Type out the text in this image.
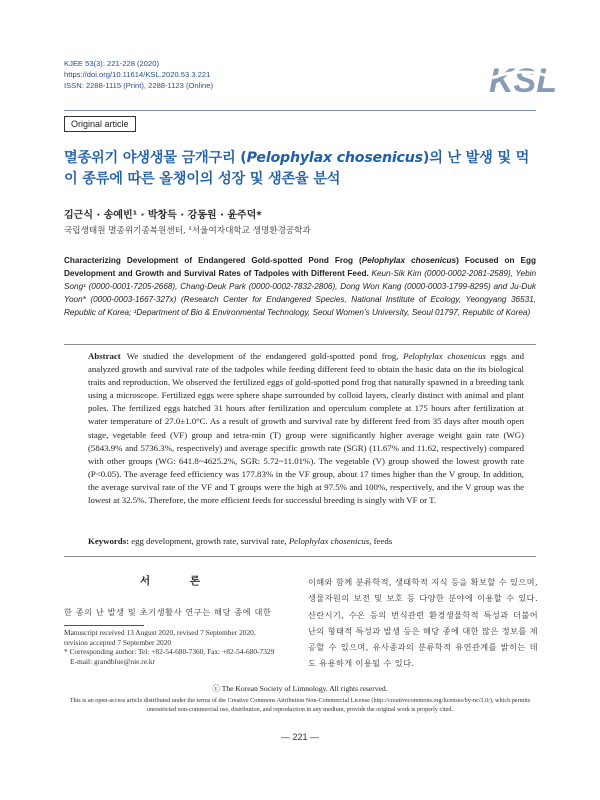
KJEE 53(3): 221-228 (2020)
https://doi.org/10.11614/KSL.2020.53.3.221
ISSN: 2288-1115 (Print), 2288-1123 (Online)	KSL
Original article
멸종위기 야생생물 금개구리 (Pelophylax chosenicus)의 난 발생 및 먹이 종류에 따른 올챙이의 성장 및 생존율 분석
김근식 · 송예빈¹ · 박창득 · 강동원 · 윤주덕*
국립생태원 멸종위기종복원센터, ¹서울여자대학교 생명환경공학과
Characterizing Development of Endangered Gold-spotted Pond Frog (Pelophylax chosenicus) Focused on Egg Development and Growth and Survival Rates of Tadpoles with Different Feed. Keun-Sik Kim (0000-0002-2081-2589), Yebin Song¹ (0000-0001-7205-2668), Chang-Deuk Park (0000-0002-7832-2806), Dong Won Kang (0000-0003-1799-8295) and Ju-Duk Yoon* (0000-0003-1667-327x) (Research Center for Endangered Species, National Institute of Ecology, Yeongyang 36531, Republic of Korea; ¹Department of Bio & Environmental Technology, Seoul Women’s University, Seoul 01797, Republic of Korea)
Abstract We studied the development of the endangered gold-spotted pond frog, Pelophylax chosenicus eggs and analyzed growth and survival rate of the tadpoles while feeding different feed to obtain the basic data on the its biological traits and reproduction. We observed the fertilized eggs of gold-spotted pond frog that naturally spawned in a breeding tank using a microscope. Fertilized eggs were sphere shape surrounded by colloid layers, clearly distinct with animal and plant poles. The fertilized eggs hatched 31 hours after fertilization and operculum complete at 175 hours after fertilization at water temperature of 27.0±1.0°C. As a result of growth and survival rate by different feed from 35 days after mouth open stage, vegetable feed (VF) group and tetra-min (T) group were significantly higher average weight gain rate (WG) (5843.9% and 5736.3%, respectively) and average specific growth rate (SGR) (11.67% and 11.62, respectively) compared with other groups (WG: 641.8~4625.2%, SGR: 5.72~11.01%). The vegetable (V) group showed the lowest growth rate (P<0.05). The average feed efficiency was 177.83% in the VF group, about 17 times higher than the V group. In addition, the average survival rate of the VF and T groups were the high at 97.5% and 100%, respectively, and the V group was the lowest at 32.5%. Therefore, the more efficient feeds for successful breeding is singly with VF or T.
Keywords: egg development, growth rate, survival rate, Pelophylax chosenicus, feeds
서 론
한 종의 난 발생 및 초기생활사 연구는 해당 종에 대한
Manuscript received 13 August 2020, revised 7 September 2020,
revision accepted 7 September 2020
* Corresponding author: Tel: +82-54-680-7360, Fax: +82-54-680-7329
E-mail: grandblue@nie.re.kr
이해와 함께 분류학적, 생태학적 지식 등을 확보할 수 있으며, 생물자원의 보전 및 보호 등 다양한 분야에 이용할 수 있다. 산란시기, 수온 등의 번식관련 환경생물학적 특성과 더불어 난의 형태적 특성과 발생 등은 해당 종에 대한 많은 정보를 제공할 수 있으며, 유사종과의 분류학적 유연관계를 밝히는 데도 유용하게 이용될 수 있다.
ⓒ The Korean Society of Limnology. All rights reserved.
This is an open-access article distributed under the terms of the Creative Commons Attribution Non-Commercial License (http://creativecommons.org/licenses/by-nc/3.0/), which permits unrestricted non-commercial use, distribution, and reproduction in any medium, provide the original work is properly cited.
— 221 —
